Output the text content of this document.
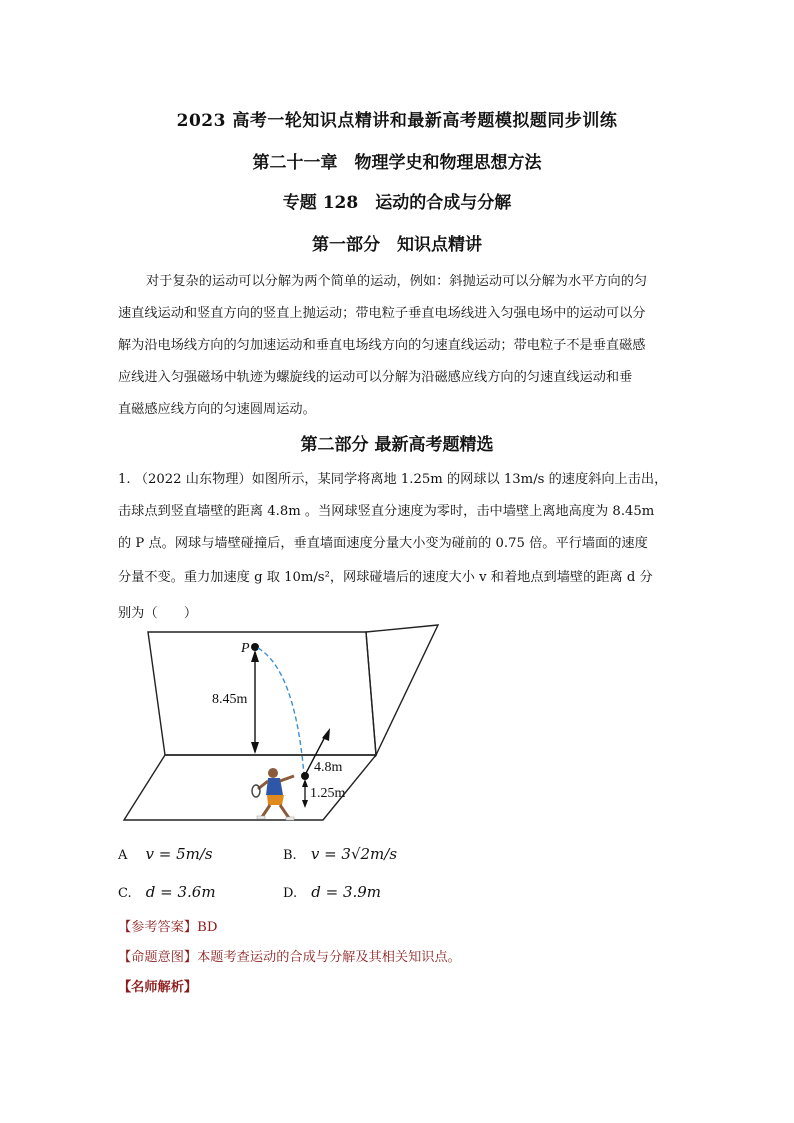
2023 高考一轮知识点精讲和最新高考题模拟题同步训练
第二十一章　物理学史和物理思想方法
专题 128　运动的合成与分解
第一部分　知识点精讲
对于复杂的运动可以分解为两个简单的运动，例如：斜抛运动可以分解为水平方向的匀
速直线运动和竖直方向的竖直上抛运动；带电粒子垂直电场线进入匀强电场中的运动可以分
解为沿电场线方向的匀加速运动和垂直电场线方向的匀速直线运动；带电粒子不是垂直磁感
应线进入匀强磁场中轨迹为螺旋线的运动可以分解为沿磁感应线方向的匀速直线运动和垂
直磁感应线方向的匀速圆周运动。
第二部分 最新高考题精选
1. （2022 山东物理）如图所示，某同学将离地 1.25m 的网球以 13m/s 的速度斜向上击出，
击球点到竖直墙壁的距离 4.8m 。当网球竖直分速度为零时，击中墙壁上离地高度为 8.45m
的 P 点。网球与墙壁碰撞后，垂直墙面速度分量大小变为碰前的 0.75 倍。平行墙面的速度
分量不变。重力加速度 g 取 10m/s²，网球碰墙后的速度大小 v 和着地点到墙壁的距离 d 分
别为（　　）
P
8.45m
4.8m
1.25m
A v = 5m/s	B. v = 3√2m/s
C. d = 3.6m	D. d = 3.9m
【参考答案】BD
【命题意图】本题考查运动的合成与分解及其相关知识点。
【名师解析】
